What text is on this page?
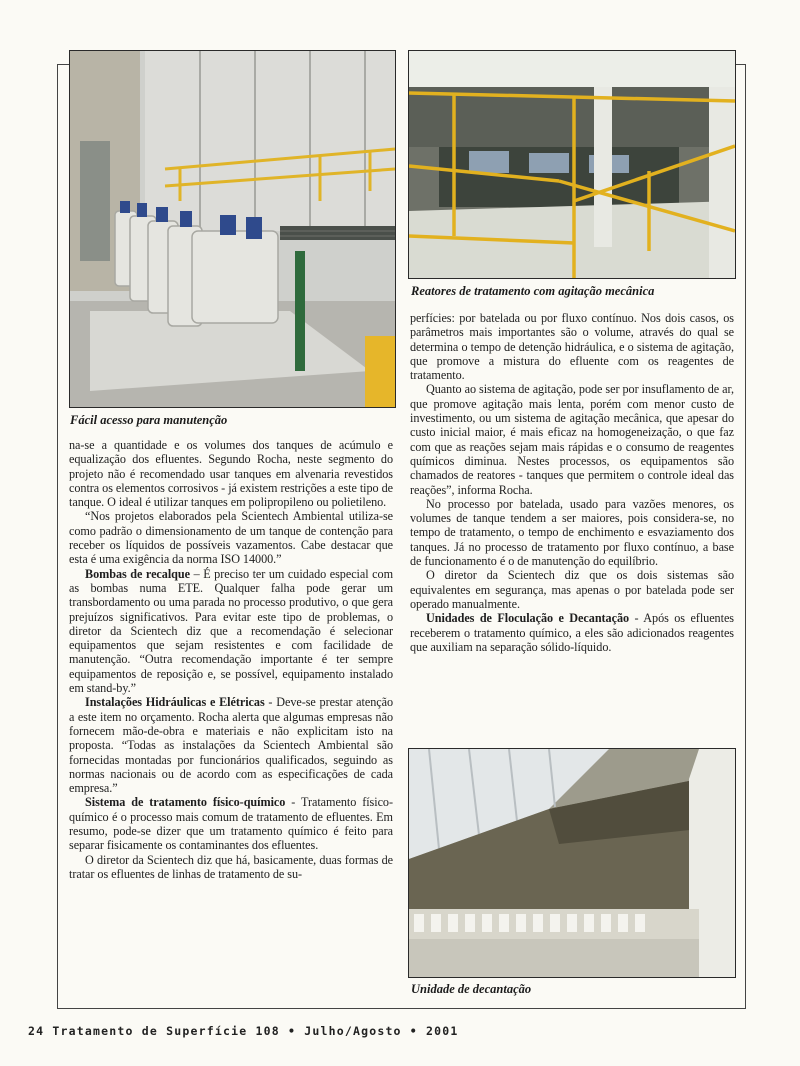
Fácil acesso para manutenção
Reatores de tratamento com agitação mecânica
Unidade de decantação

na-se a quantidade e os volumes dos tanques de acúmulo e equalização dos efluentes. Segundo Rocha, neste segmento do projeto não é recomendado usar tanques em alvenaria revestidos contra os elementos corrosivos - já existem restrições a este tipo de tanque. O ideal é utilizar tanques em polipropileno ou polietileno.

“Nos projetos elaborados pela Scientech Ambiental utiliza-se como padrão o dimensionamento de um tanque de contenção para receber os líquidos de possíveis vazamentos. Cabe destacar que esta é uma exigência da norma ISO 14000.”

Bombas de recalque – É preciso ter um cuidado especial com as bombas numa ETE. Qualquer falha pode gerar um transbordamento ou uma parada no processo produtivo, o que gera prejuízos significativos. Para evitar este tipo de problemas, o diretor da Scientech diz que a recomendação é selecionar equipamentos que sejam resistentes e com facilidade de manutenção. “Outra recomendação importante é ter sempre equipamentos de reposição e, se possível, equipamento instalado em stand-by.”

Instalações Hidráulicas e Elétricas - Deve-se prestar atenção a este item no orçamento. Rocha alerta que algumas empresas não fornecem mão-de-obra e materiais e não explicitam isto na proposta. “Todas as instalações da Scientech Ambiental são fornecidas montadas por funcionários qualificados, seguindo as normas nacionais ou de acordo com as especificações de cada empresa.”

Sistema de tratamento físico-químico - Tratamento físico-químico é o processo mais comum de tratamento de efluentes. Em resumo, pode-se dizer que um tratamento químico é feito para separar fisicamente os contaminantes dos efluentes.

O diretor da Scientech diz que há, basicamente, duas formas de tratar os efluentes de linhas de tratamento de su-

perfícies: por batelada ou por fluxo contínuo. Nos dois casos, os parâmetros mais importantes são o volume, através do qual se determina o tempo de detenção hidráulica, e o sistema de agitação, que promove a mistura do efluente com os reagentes de tratamento.

Quanto ao sistema de agitação, pode ser por insuflamento de ar, que promove agitação mais lenta, porém com menor custo de investimento, ou um sistema de agitação mecânica, que apesar do custo inicial maior, é mais eficaz na homogeneização, o que faz com que as reações sejam mais rápidas e o consumo de reagentes químicos diminua. Nestes processos, os equipamentos são chamados de reatores - tanques que permitem o controle ideal das reações”, informa Rocha.

No processo por batelada, usado para vazões menores, os volumes de tanque tendem a ser maiores, pois considera-se, no tempo de tratamento, o tempo de enchimento e esvaziamento dos tanques. Já no processo de tratamento por fluxo contínuo, a base de funcionamento é o de manutenção do equilíbrio.

O diretor da Scientech diz que os dois sistemas são equivalentes em segurança, mas apenas o por batelada pode ser operado manualmente.

Unidades de Floculação e Decantação - Após os efluentes receberem o tratamento químico, a eles são adicionados reagentes que auxiliam na separação sólido-líquido.

24 Tratamento de Superfície 108 • Julho/Agosto • 2001
